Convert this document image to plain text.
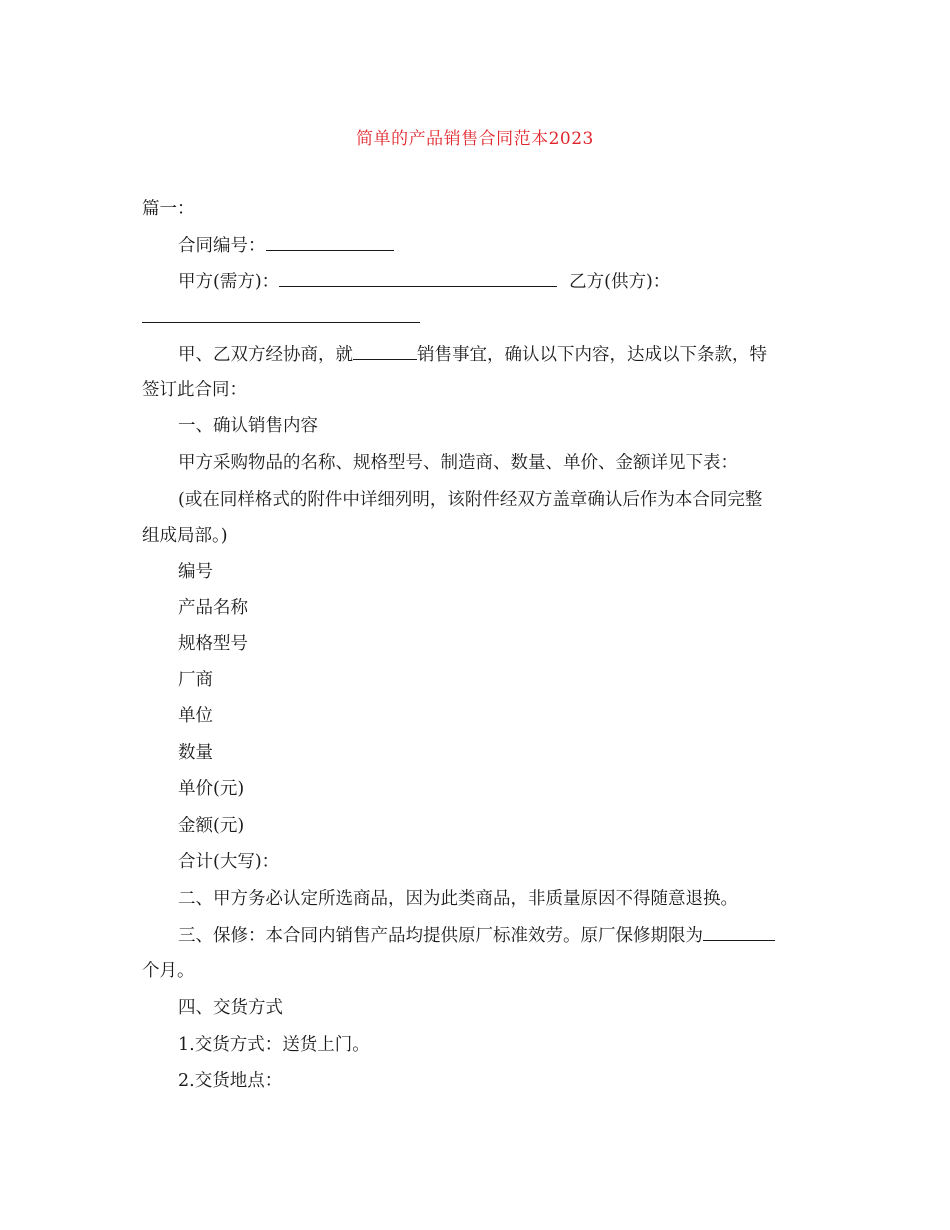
简单的产品销售合同范本2023
篇一：
合同编号：
甲方(需方)：	乙方(供方)：
甲、乙双方经协商，就	销售事宜，确认以下内容，达成以下条款，特
签订此合同：
一、确认销售内容
甲方采购物品的名称、规格型号、制造商、数量、单价、金额详见下表：
(或在同样格式的附件中详细列明，该附件经双方盖章确认后作为本合同完整
组成局部。)
编号
产品名称
规格型号
厂商
单位
数量
单价(元)
金额(元)
合计(大写)：
二、甲方务必认定所选商品，因为此类商品，非质量原因不得随意退换。
三、保修：本合同内销售产品均提供原厂标准效劳。原厂保修期限为
个月。
四、交货方式
1.交货方式：送货上门。
2.交货地点：
